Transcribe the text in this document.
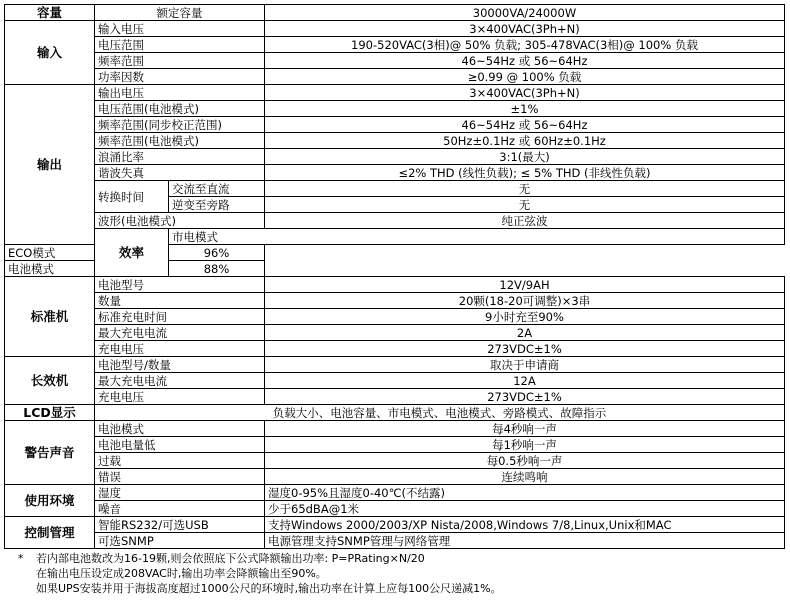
容量	额定容量		30000VA/24000W	
输入	输入电压		3×400VAC(3Ph+N)	
	电压范围		190-520VAC(3相)@ 50% 负载; 305-478VAC(3相)@ 100% 负载	
	频率范围		46~54Hz 或 56~64Hz	
	功率因数		≥0.99 @ 100% 负载	
输出	输出电压		3×400VAC(3Ph+N)	
	电压范围(电池模式)		±1%	
	频率范围(同步校正范围)		46~54Hz 或 56~64Hz	
	频率范围(电池模式)		50Hz±0.1Hz 或 60Hz±0.1Hz	
	浪涌比率		3:1(最大)	
	谐波失真		≤2% THD (线性负载); ≤ 5% THD (非线性负载)	
	转换时间	交流至直流	无	
		逆变至旁路	无	
	波形(电池模式)		纯正弦波	
	效率	市电模式	
ECO模式		96%		
电池模式		88%		
标准机	电池型号		12V/9AH	
	数量		20颗(18-20可调整)×3串	
	标准充电时间		9小时充至90%	
	最大充电电流		2A	
	充电电压		273VDC±1%	
长效机	电池型号/数量		取决于申请商	
	最大充电电流		12A	
	充电电压		273VDC±1%	
LCD显示	负载大小、电池容量、市电模式、电池模式、旁路模式、故障指示			
警告声音	电池模式		每4秒响一声	
	电池电量低		每1秒响一声	
	过载		每0.5秒响一声	
	错误		连续鸣响	
使用环境	湿度		湿度0-95%且湿度0-40℃(不结露)	
	噪音		少于65dBA@1米	
控制管理	智能RS232/可选USB		支持Windows 2000/2003/XP Nista/2008,Windows 7/8,Linux,Unix和MAC	
	可选SNMP		电源管理支持SNMP管理与网络管理	
* 若内部电池数改为16-19颗,则会依照底下公式降额输出功率: P=PRating×N/20
在输出电压设定成208VAC时,输出功率会降额输出至90%。
如果UPS安装并用于海拔高度超过1000公尺的环境时,输出功率在计算上应每100公尺递减1%。
